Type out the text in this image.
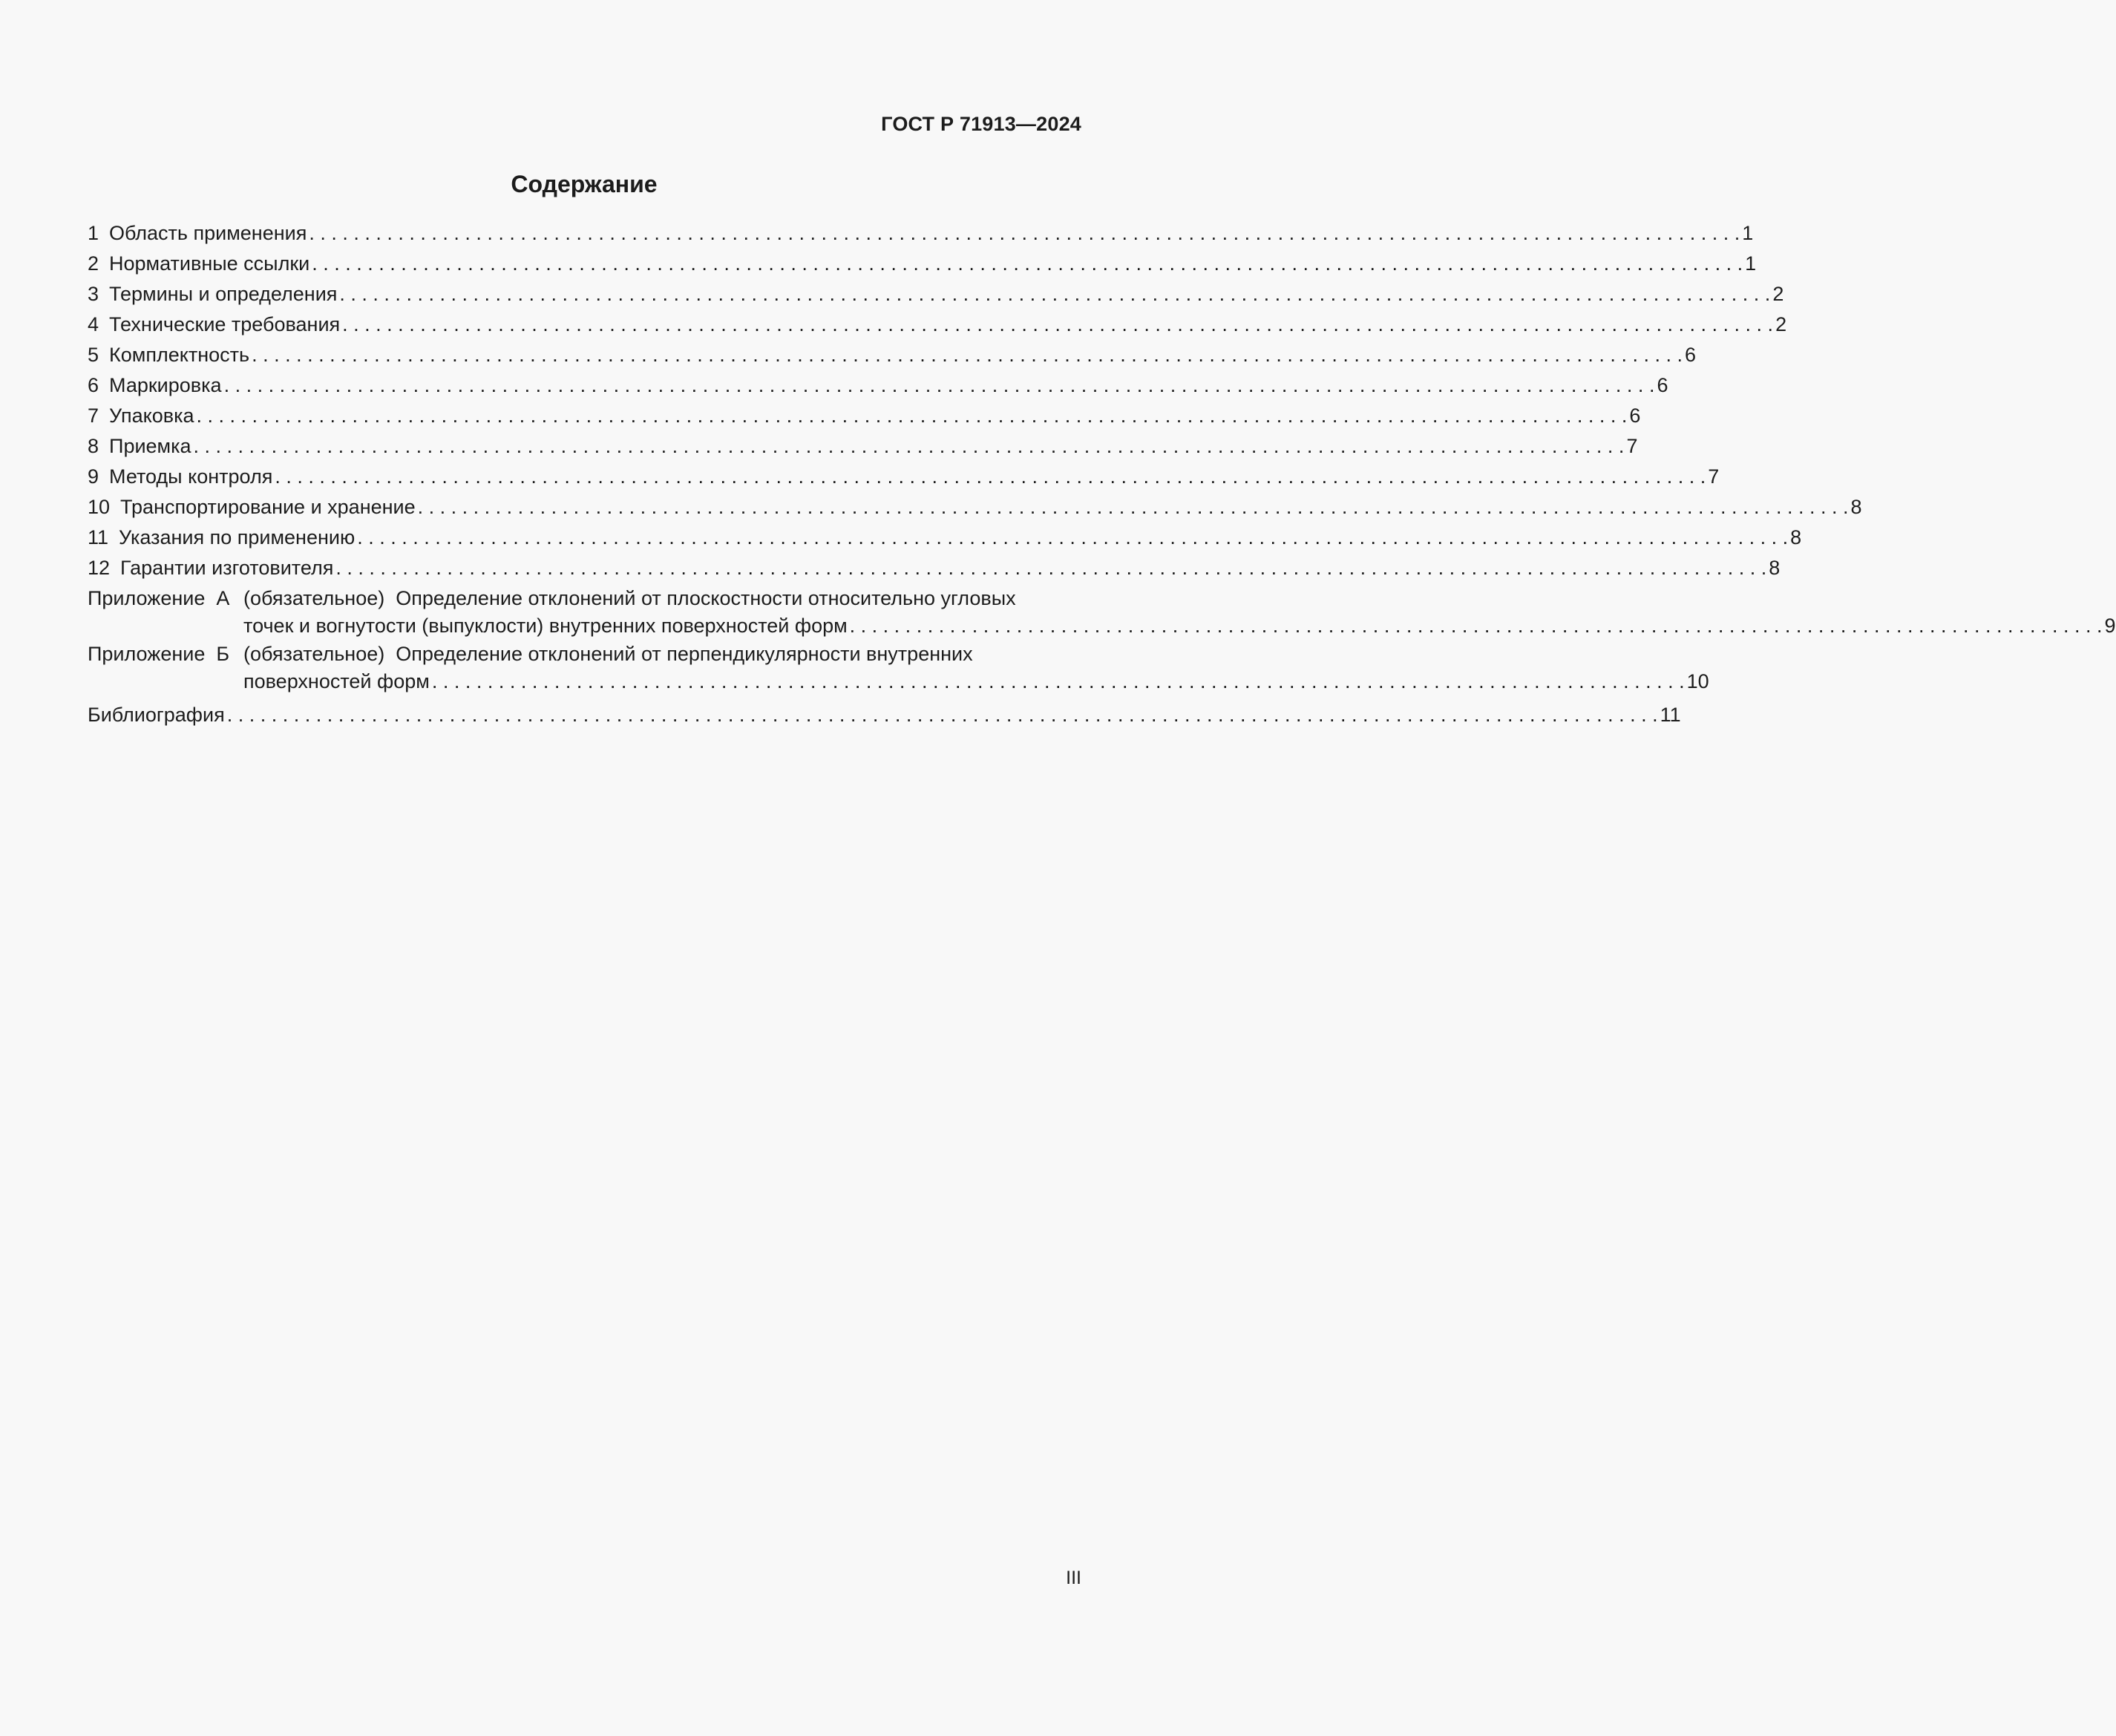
ГОСТ Р 71913—2024
Содержание
1 Область применения . . .	1
2 Нормативные ссылки . . .	1
3 Термины и определения . . .	2
4 Технические требования . . .	2
5 Комплектность . . .	6
6 Маркировка . . .	6
7 Упаковка . . .	6
8 Приемка . . .	7
9 Методы контроля . . .	7
10 Транспортирование и хранение . . .	8
11 Указания по применению . . .	8
12 Гарантии изготовителя . . .	8
Приложение  А (обязательное)  Определение отклонений от плоскостности относительно угловых
точек и вогнутости (выпуклости) внутренних поверхностей форм . . .	9
Приложение  Б (обязательное)  Определение отклонений от перпендикулярности внутренних
поверхностей форм . . .	10
Библиография . . .	11
III
